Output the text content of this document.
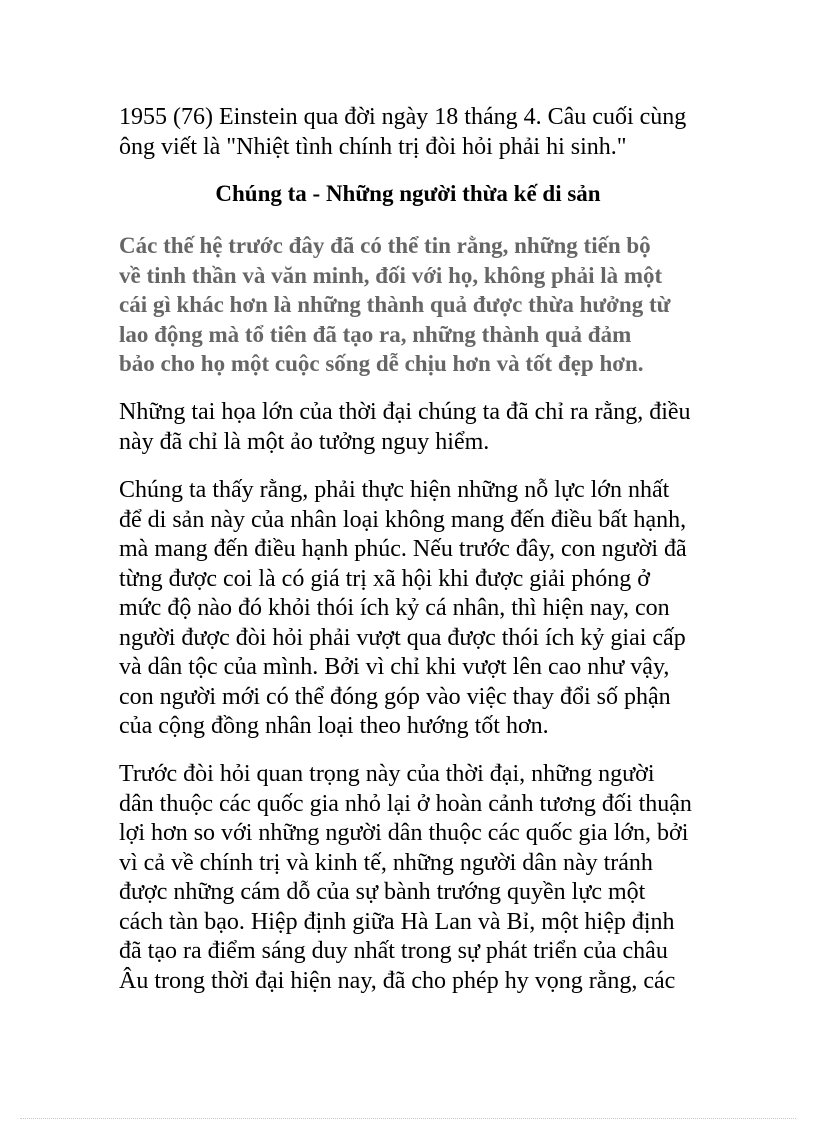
1955 (76) Einstein qua đời ngày 18 tháng 4. Câu cuối cùng
ông viết là "Nhiệt tình chính trị đòi hỏi phải hi sinh."

Chúng ta - Những người thừa kế di sản

Các thế hệ trước đây đã có thể tin rằng, những tiến bộ
về tinh thần và văn minh, đối với họ, không phải là một
cái gì khác hơn là những thành quả được thừa hưởng từ
lao động mà tổ tiên đã tạo ra, những thành quả đảm
bảo cho họ một cuộc sống dễ chịu hơn và tốt đẹp hơn.

Những tai họa lớn của thời đại chúng ta đã chỉ ra rằng, điều
này đã chỉ là một ảo tưởng nguy hiểm.

Chúng ta thấy rằng, phải thực hiện những nỗ lực lớn nhất
để di sản này của nhân loại không mang đến điều bất hạnh,
mà mang đến điều hạnh phúc. Nếu trước đây, con người đã
từng được coi là có giá trị xã hội khi được giải phóng ở
mức độ nào đó khỏi thói ích kỷ cá nhân, thì hiện nay, con
người được đòi hỏi phải vượt qua được thói ích kỷ giai cấp
và dân tộc của mình. Bởi vì chỉ khi vượt lên cao như vậy,
con người mới có thể đóng góp vào việc thay đổi số phận
của cộng đồng nhân loại theo hướng tốt hơn.

Trước đòi hỏi quan trọng này của thời đại, những người
dân thuộc các quốc gia nhỏ lại ở hoàn cảnh tương đối thuận
lợi hơn so với những người dân thuộc các quốc gia lớn, bởi
vì cả về chính trị và kinh tế, những người dân này tránh
được những cám dỗ của sự bành trướng quyền lực một
cách tàn bạo. Hiệp định giữa Hà Lan và Bỉ, một hiệp định
đã tạo ra điểm sáng duy nhất trong sự phát triển của châu
Âu trong thời đại hiện nay, đã cho phép hy vọng rằng, các
